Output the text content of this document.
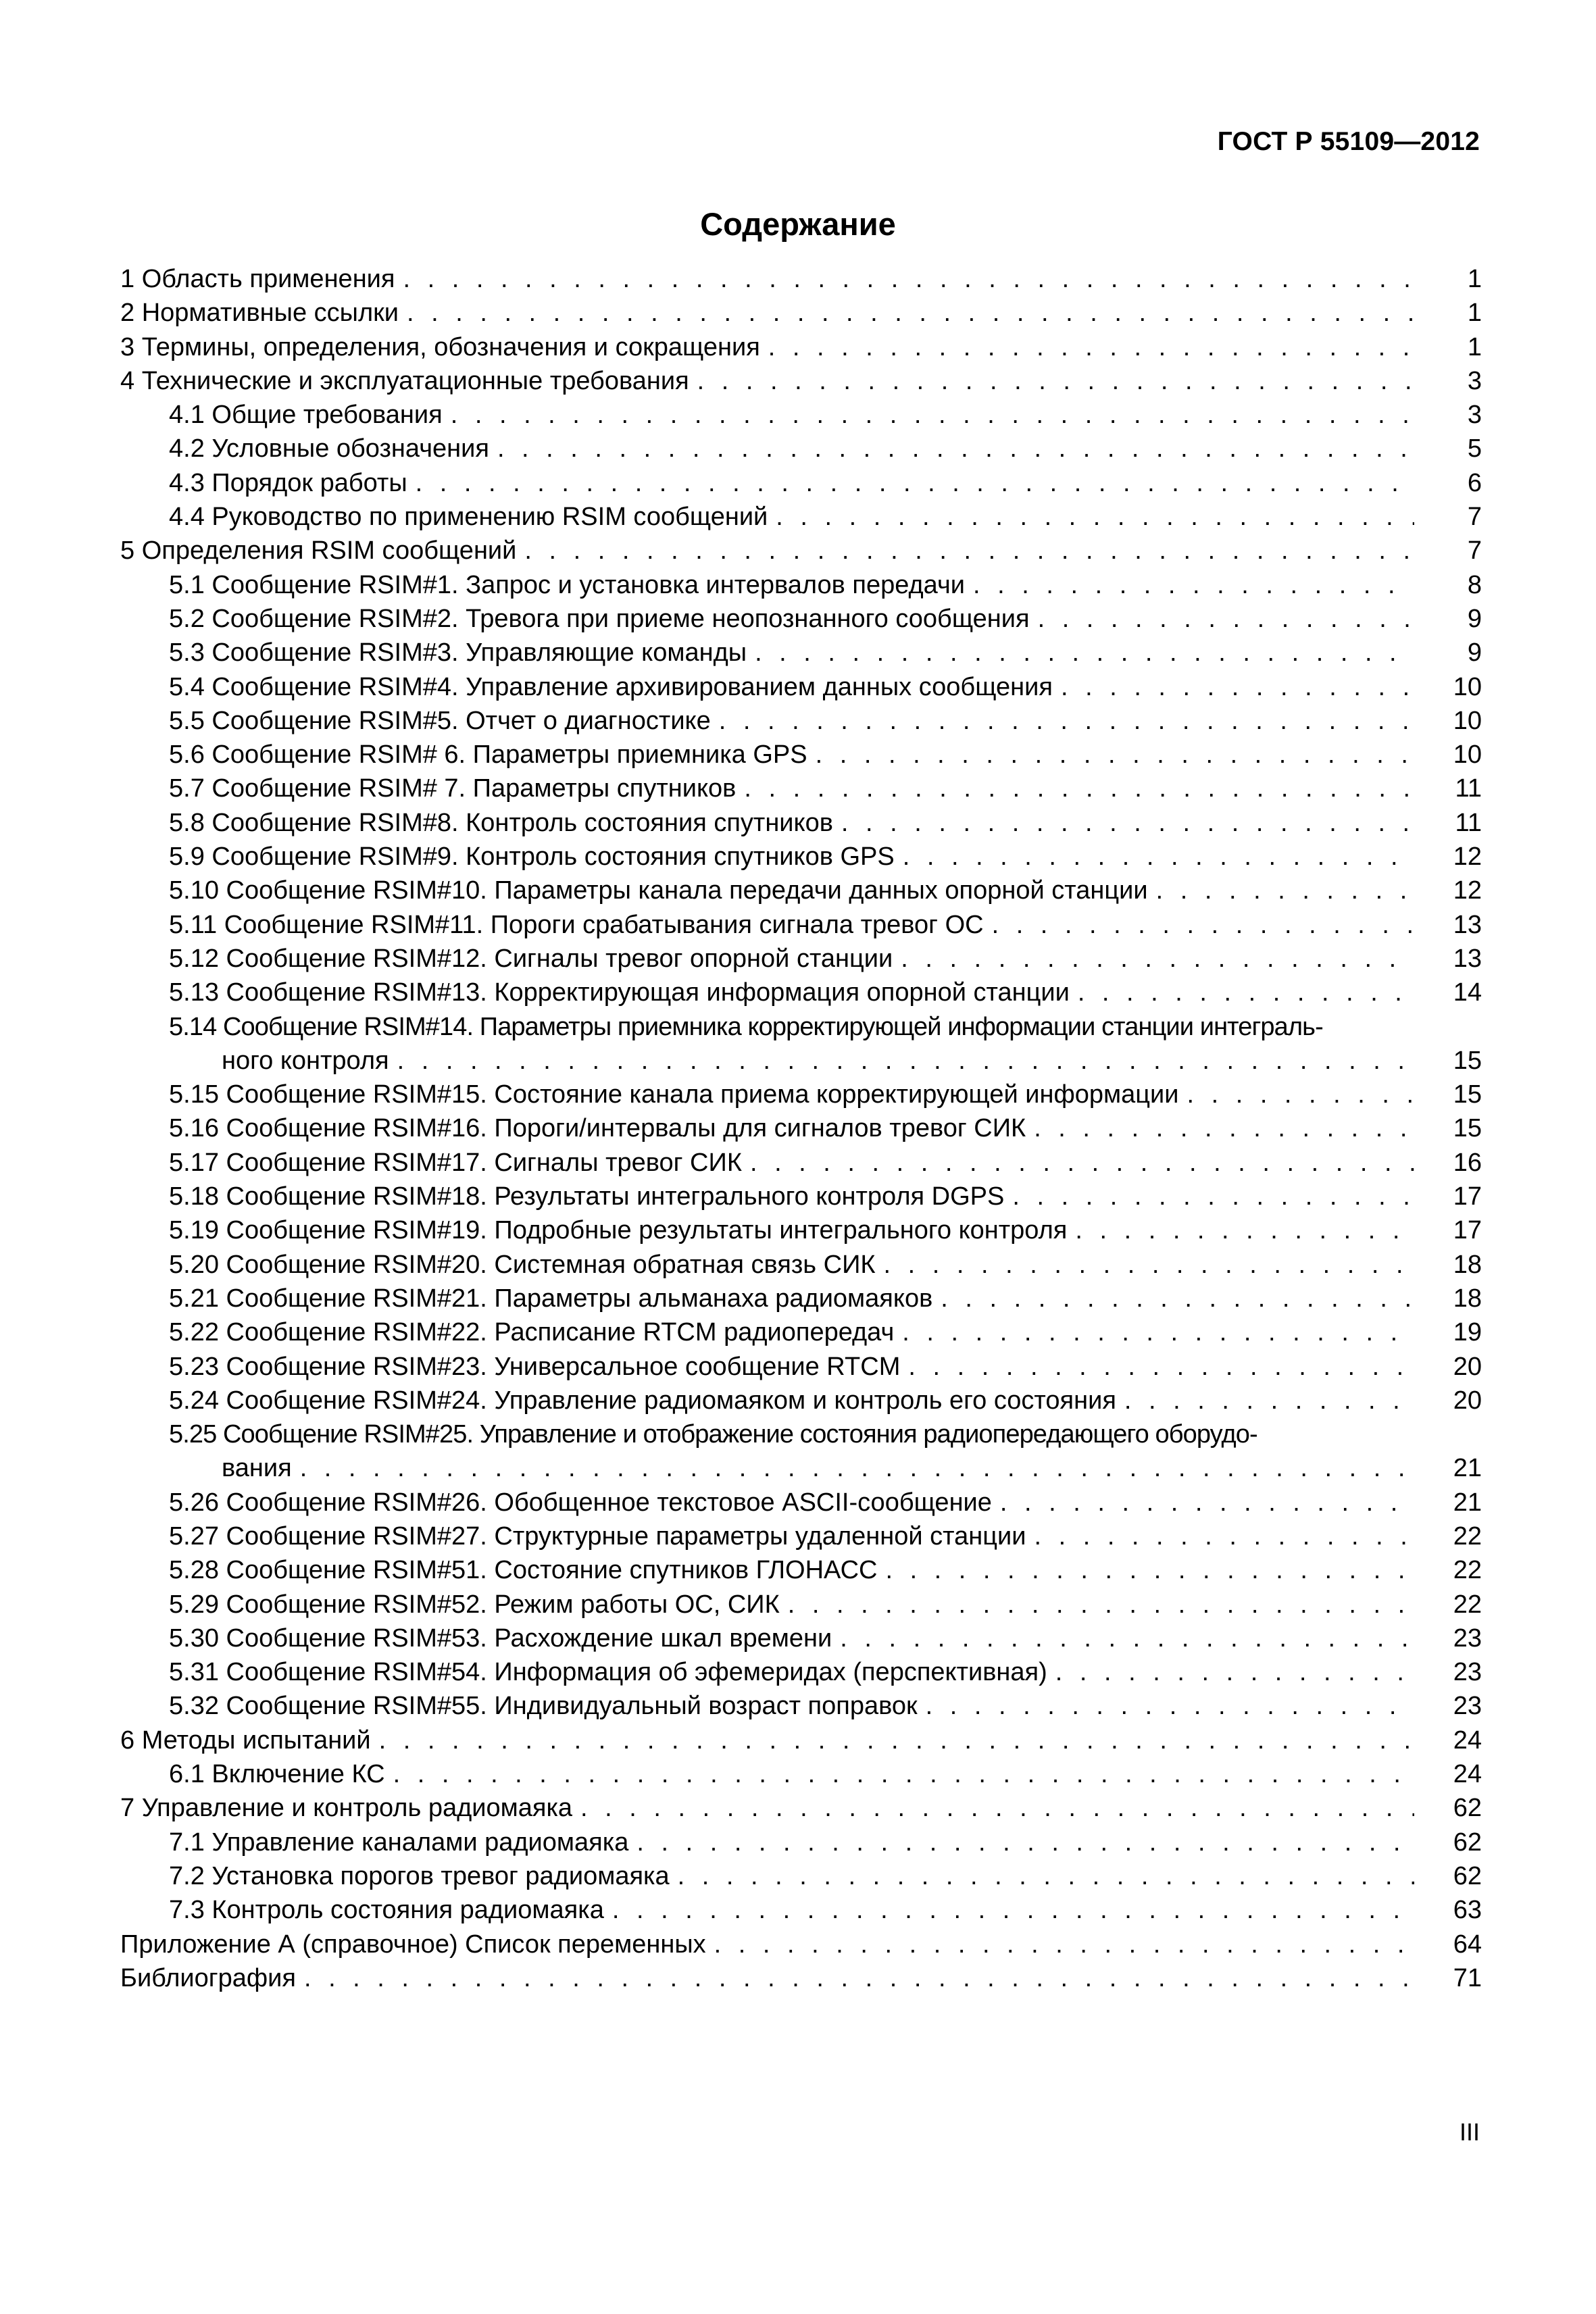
ГОСТ Р 55109—2012
Содержание
1 Область применения . . .	1
2 Нормативные ссылки . . .	1
3 Термины, определения, обозначения и сокращения . . .	1
4 Технические и эксплуатационные требования . . .	3
4.1 Общие требования . . .	3
4.2 Условные обозначения . . .	5
4.3 Порядок работы . . .	6
4.4 Руководство по применению RSIM сообщений . . .	7
5 Определения RSIM сообщений . . .	7
5.1 Сообщение RSIM#1. Запрос и установка интервалов передачи . . .	8
5.2 Сообщение RSIM#2. Тревога при приеме неопознанного сообщения . . .	9
5.3 Сообщение RSIM#3. Управляющие команды . . .	9
5.4 Сообщение RSIM#4. Управление архивированием данных сообщения . . .	10
5.5 Сообщение RSIM#5. Отчет о диагностике . . .	10
5.6 Сообщение RSIM# 6. Параметры приемника GPS . . .	10
5.7 Сообщение RSIM# 7. Параметры спутников . . .	11
5.8 Сообщение RSIM#8. Контроль состояния спутников . . .	11
5.9 Сообщение RSIM#9. Контроль состояния спутников GPS . . .	12
5.10 Сообщение RSIM#10. Параметры канала передачи данных опорной станции . . .	12
5.11 Сообщение RSIM#11. Пороги срабатывания сигнала тревог ОС . . .	13
5.12 Сообщение RSIM#12. Сигналы тревог опорной станции . . .	13
5.13 Сообщение RSIM#13. Корректирующая информация опорной станции . . .	14
5.14 Сообщение RSIM#14. Параметры приемника корректирующей информации станции интеграль-
ного контроля . . .	15
5.15 Сообщение RSIM#15. Состояние канала приема корректирующей информации . . .	15
5.16 Сообщение RSIM#16. Пороги/интервалы для сигналов тревог СИК . . .	15
5.17 Сообщение RSIM#17. Сигналы тревог СИК . . .	16
5.18 Сообщение RSIM#18. Результаты интегрального контроля DGPS . . .	17
5.19 Сообщение RSIM#19. Подробные результаты интегрального контроля . . .	17
5.20 Сообщение RSIM#20. Системная обратная связь СИК . . .	18
5.21 Сообщение RSIM#21. Параметры альманаха радиомаяков . . .	18
5.22 Сообщение RSIM#22. Расписание RTCM радиопередач . . .	19
5.23 Сообщение RSIM#23. Универсальное сообщение RTCM . . .	20
5.24 Сообщение RSIM#24. Управление радиомаяком и контроль его состояния . . .	20
5.25 Сообщение RSIM#25. Управление и отображение состояния радиопередающего оборудо-
вания . . .	21
5.26 Сообщение RSIM#26. Обобщенное текстовое ASCII-сообщение . . .	21
5.27 Сообщение RSIM#27. Структурные параметры удаленной станции . . .	22
5.28 Сообщение RSIM#51. Состояние спутников ГЛОНАСС . . .	22
5.29 Сообщение RSIM#52. Режим работы ОС, СИК . . .	22
5.30 Сообщение RSIM#53. Расхождение шкал времени . . .	23
5.31 Сообщение RSIM#54. Информация об эфемеридах (перспективная) . . .	23
5.32 Сообщение RSIM#55. Индивидуальный возраст поправок . . .	23
6 Методы испытаний . . .	24
6.1 Включение КС . . .	24
7 Управление и контроль радиомаяка . . .	62
7.1 Управление каналами радиомаяка . . .	62
7.2 Установка порогов тревог радиомаяка . . .	62
7.3 Контроль состояния радиомаяка . . .	63
Приложение А (справочное) Список переменных . . .	64
Библиография . . .	71
III
